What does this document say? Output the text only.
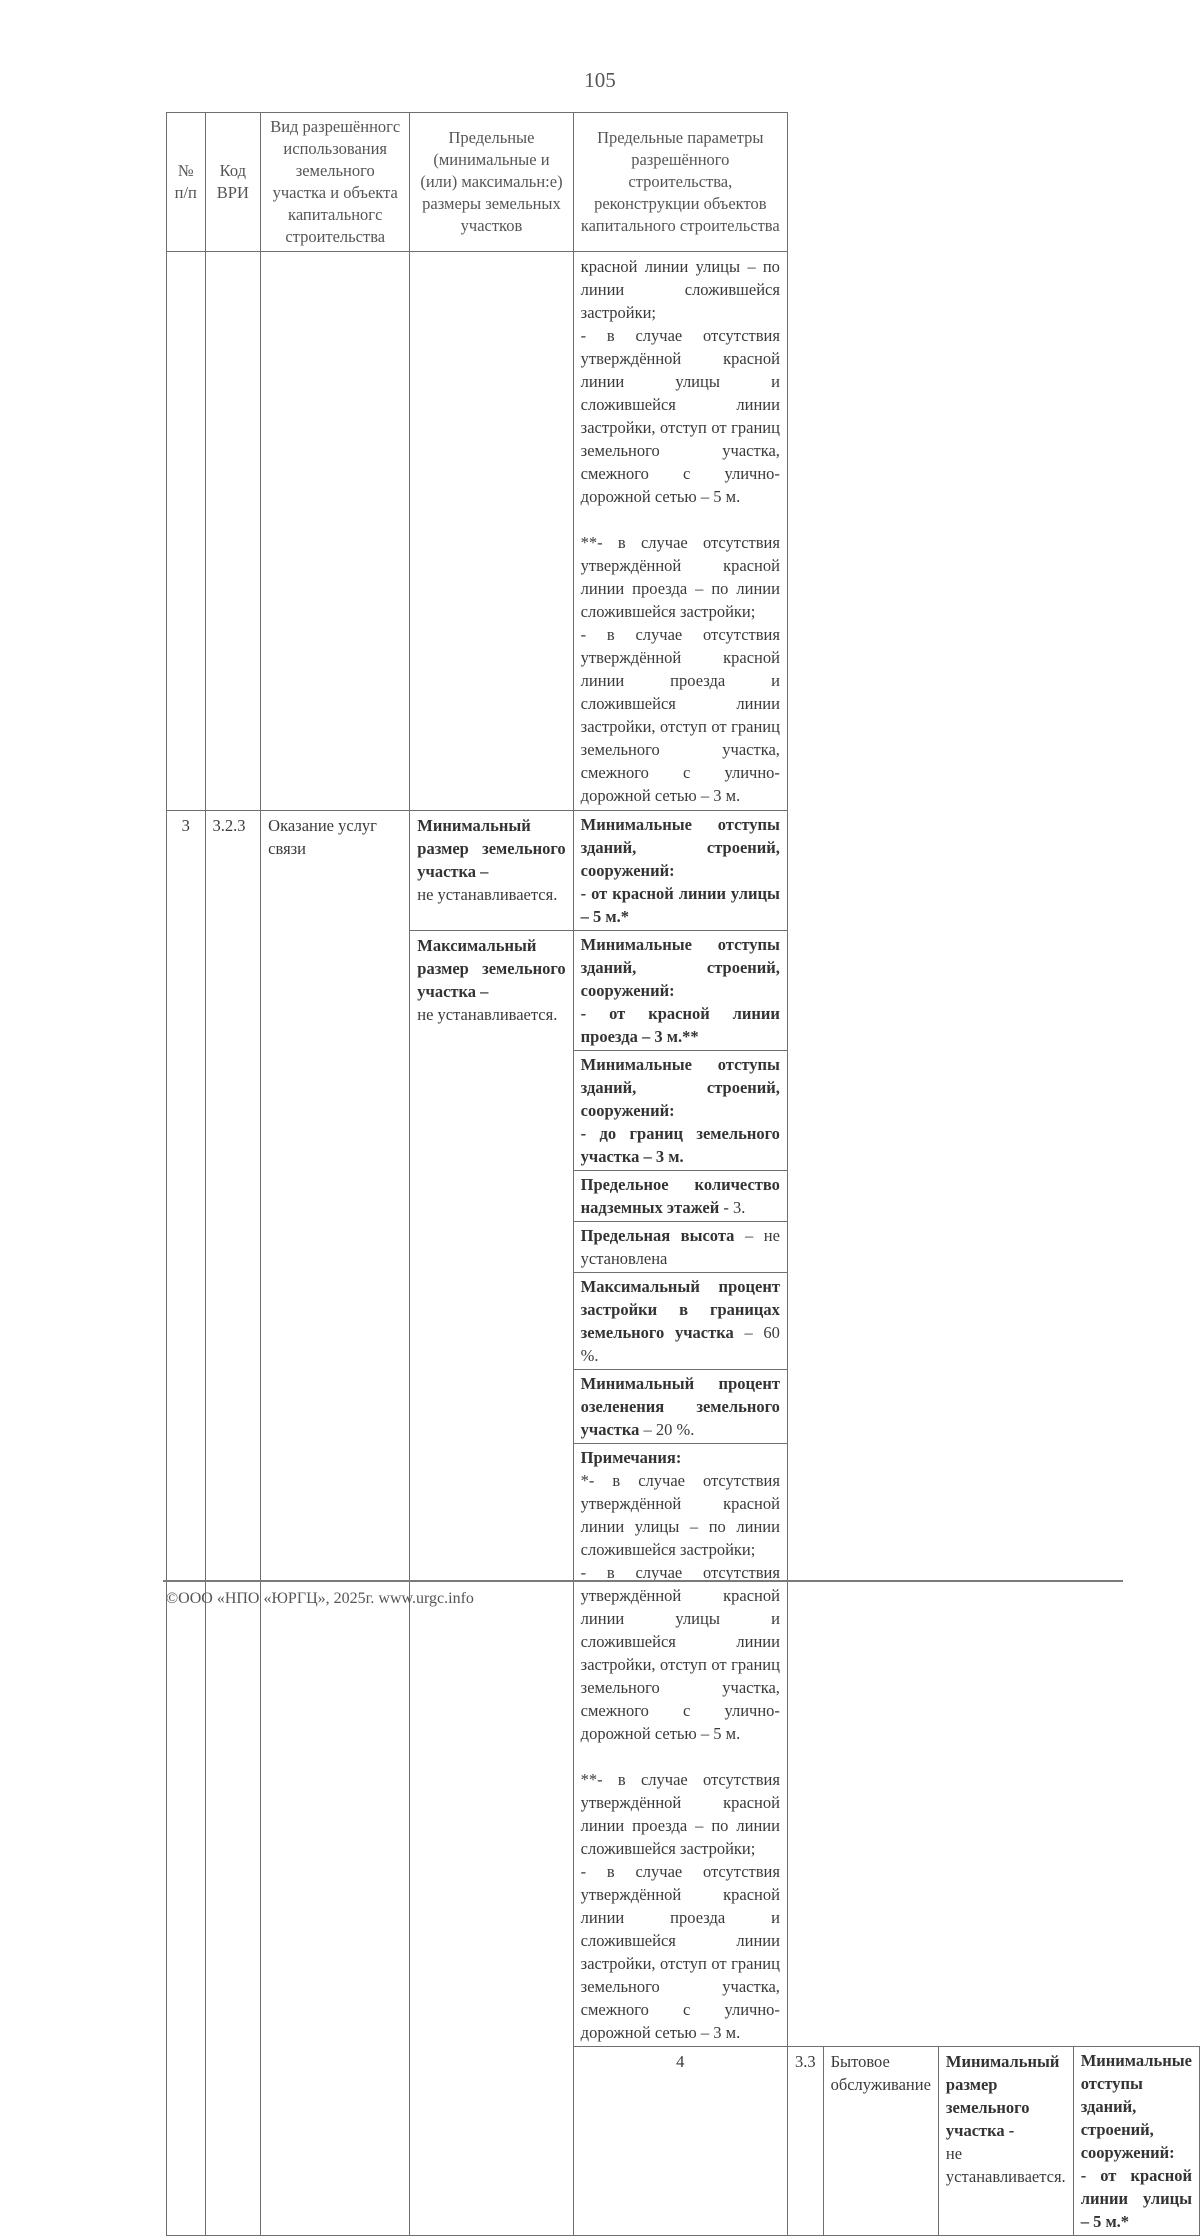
105
№ п/п	Код ВРИ	Вид разрешённогс использования земельного участка и объекта капитальногс строительства	Предельные (минимальные и (или) максимальн:е) размеры земельных участков	Предельные параметры разрешённого строительства, реконструкции объектов капитального строительства				

				красной линии улицы – по линии сложившейся застройки;
- в случае отсутствия утверждённой красной линии улицы и сложившейся линии застройки, отступ от границ земельного участка, смежного с улично-дорожной сетью – 5 м.
**- в случае отсутствия утверждённой красной линии проезда – по линии сложившейся застройки;
- в случае отсутствия утверждённой красной линии проезда и сложившейся линии застройки, отступ от границ земельного участка, смежного с улично-дорожной сетью – 3 м.				

3	3.2.3	Оказание услуг связи	Минимальный размер земельного участка –
не устанавливается.	Минимальные отступы зданий, строений, сооружений:
- от красной линии улицы – 5 м.*				
			Максимальный размер земельного участка –
не устанавливается.	Минимальные отступы зданий, строений, сооружений:
- от красной линии проезда – 3 м.**				
				Минимальные отступы зданий, строений, сооружений:
- до границ земельного участка – 3 м.				
				Предельное количество надземных этажей - 3.				
				Предельная высота – не установлена				
				Максимальный процент застройки в границах земельного участка – 60 %.				
				Минимальный процент озеленения земельного участка – 20 %.				

				Примечания:
*- в случае отсутствия утверждённой красной линии улицы – по линии сложившейся застройки;
- в случае отсутствия утверждённой красной линии улицы и сложившейся линии застройки, отступ от границ земельного участка, смежного с улично-дорожной сетью – 5 м.
**- в случае отсутствия утверждённой красной линии проезда – по линии сложившейся застройки;
- в случае отсутствия утверждённой красной линии проезда и сложившейся линии застройки, отступ от границ земельного участка, смежного с улично-дорожной сетью – 3 м.				

				4	3.3	Бытовое обслуживание	Минимальный размер земельного участка -
не устанавливается.	Минимальные отступы зданий, строений, сооружений:
- от красной линии улицы – 5 м.*
©ООО «НПО «ЮРГЦ», 2025г. www.urgc.info
